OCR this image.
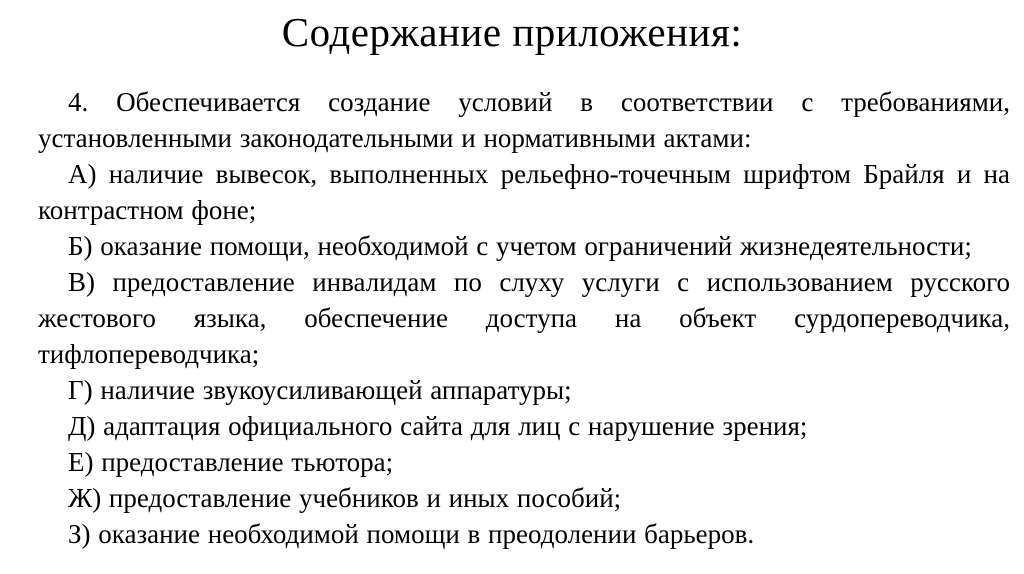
Содержание приложения:

4. Обеспечивается создание условий в соответствии с требованиями, установленными законодательными и нормативными актами:

А) наличие вывесок, выполненных рельефно-точечным шрифтом Брайля и на контрастном фоне;

Б) оказание помощи, необходимой с учетом ограничений жизнедеятельности;

В) предоставление инвалидам по слуху услуги с использованием русского жестового языка, обеспечение доступа на объект сурдопереводчика, тифлопереводчика;

Г) наличие звукоусиливающей аппаратуры;

Д) адаптация официального сайта для лиц с нарушение зрения;

Е) предоставление тьютора;

Ж) предоставление учебников и иных пособий;

З) оказание необходимой помощи в преодолении барьеров.
